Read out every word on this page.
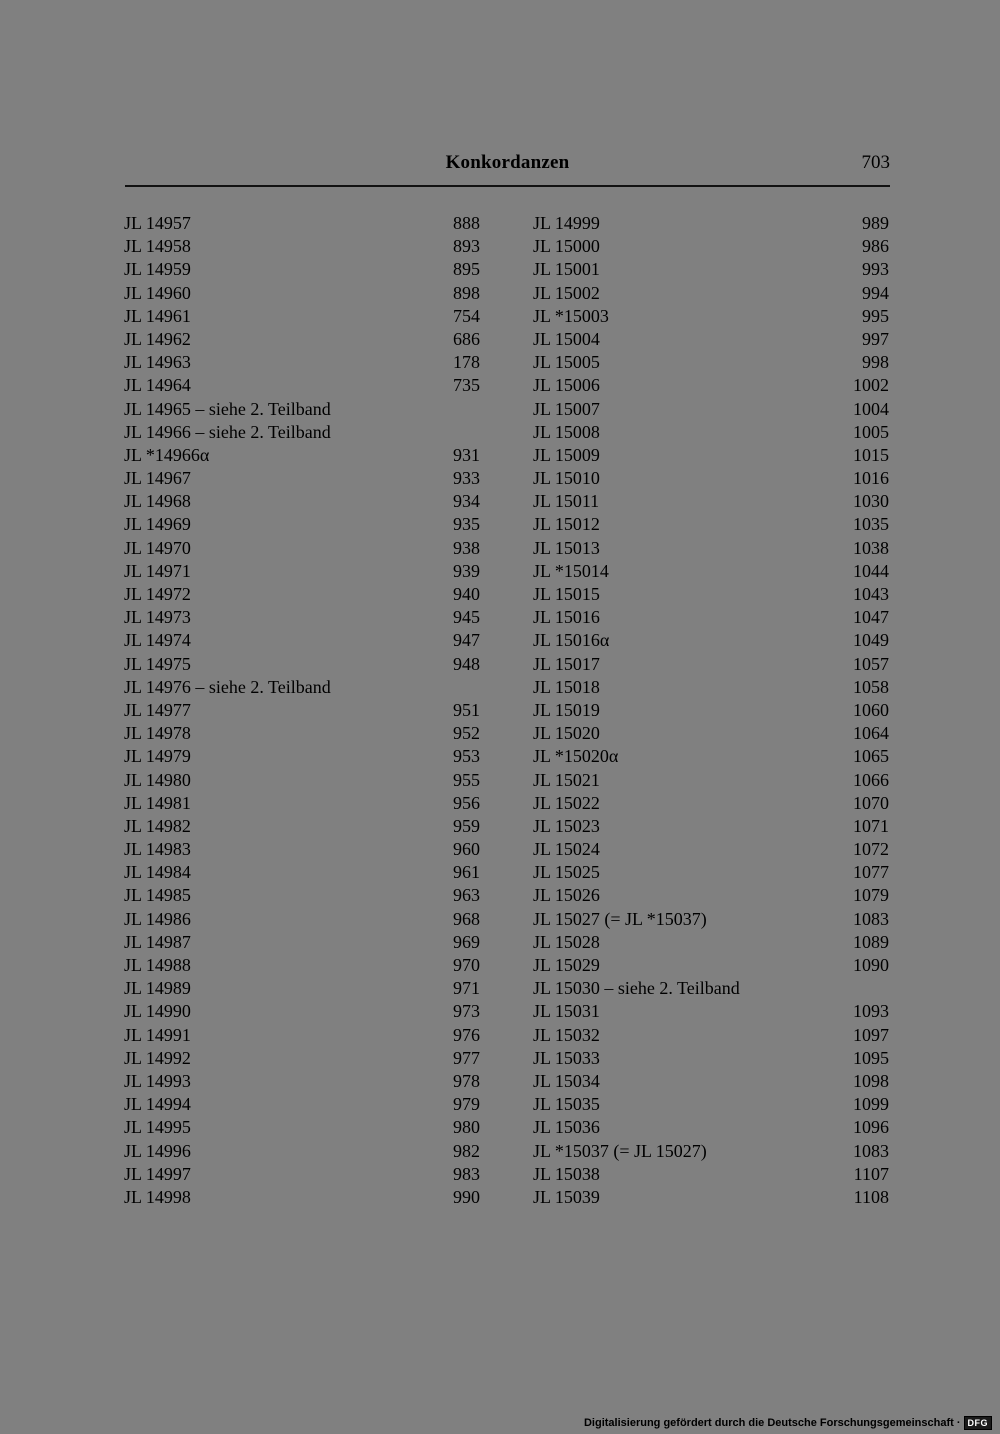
Konkordanzen	703
JL 14957	888
JL 14958	893
JL 14959	895
JL 14960	898
JL 14961	754
JL 14962	686
JL 14963	178
JL 14964	735
JL 14965 – siehe 2. Teilband
JL 14966 – siehe 2. Teilband
JL *14966α	931
JL 14967	933
JL 14968	934
JL 14969	935
JL 14970	938
JL 14971	939
JL 14972	940
JL 14973	945
JL 14974	947
JL 14975	948
JL 14976 – siehe 2. Teilband
JL 14977	951
JL 14978	952
JL 14979	953
JL 14980	955
JL 14981	956
JL 14982	959
JL 14983	960
JL 14984	961
JL 14985	963
JL 14986	968
JL 14987	969
JL 14988	970
JL 14989	971
JL 14990	973
JL 14991	976
JL 14992	977
JL 14993	978
JL 14994	979
JL 14995	980
JL 14996	982
JL 14997	983
JL 14998	990
JL 14999	989
JL 15000	986
JL 15001	993
JL 15002	994
JL *15003	995
JL 15004	997
JL 15005	998
JL 15006	1002
JL 15007	1004
JL 15008	1005
JL 15009	1015
JL 15010	1016
JL 15011	1030
JL 15012	1035
JL 15013	1038
JL *15014	1044
JL 15015	1043
JL 15016	1047
JL 15016α	1049
JL 15017	1057
JL 15018	1058
JL 15019	1060
JL 15020	1064
JL *15020α	1065
JL 15021	1066
JL 15022	1070
JL 15023	1071
JL 15024	1072
JL 15025	1077
JL 15026	1079
JL 15027 (= JL *15037)	1083
JL 15028	1089
JL 15029	1090
JL 15030 – siehe 2. Teilband
JL 15031	1093
JL 15032	1097
JL 15033	1095
JL 15034	1098
JL 15035	1099
JL 15036	1096
JL *15037 (= JL 15027)	1083
JL 15038	1107
JL 15039	1108
Digitalisierung gefördert durch die Deutsche Forschungsgemeinschaft · DFG
